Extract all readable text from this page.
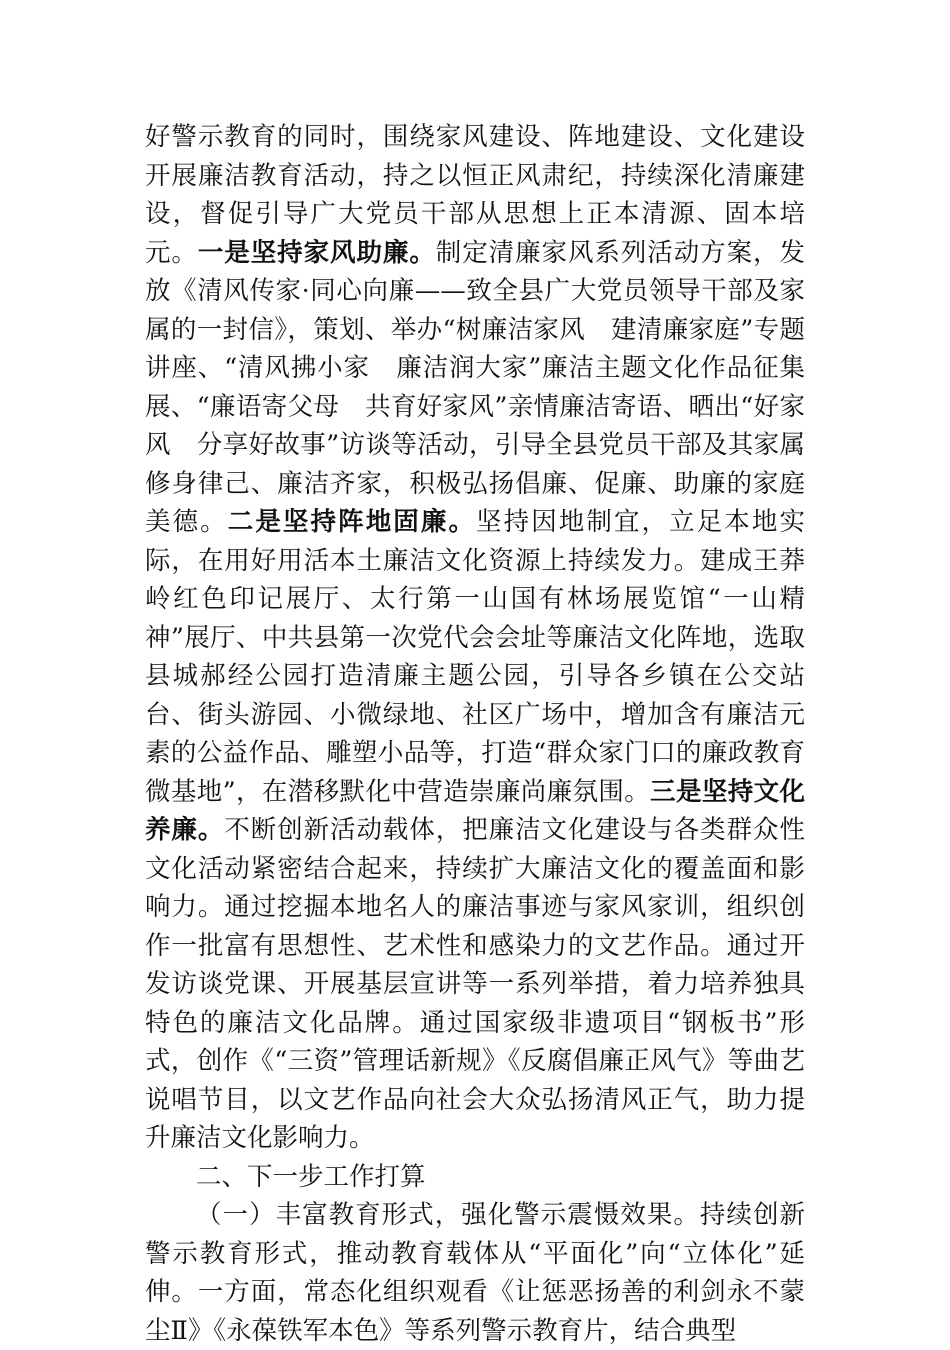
好警示教育的同时，围绕家风建设、阵地建设、文化建设开展廉洁教育活动，持之以恒正风肃纪，持续深化清廉建设，督促引导广大党员干部从思想上正本清源、固本培元。一是坚持家风助廉。制定清廉家风系列活动方案，发放《清风传家·同心向廉——致全县广大党员领导干部及家属的一封信》，策划、举办“树廉洁家风　建清廉家庭”专题讲座、“清风拂小家　廉洁润大家”廉洁主题文化作品征集展、“廉语寄父母　共育好家风”亲情廉洁寄语、晒出“好家风　分享好故事”访谈等活动，引导全县党员干部及其家属修身律己、廉洁齐家，积极弘扬倡廉、促廉、助廉的家庭美德。二是坚持阵地固廉。坚持因地制宜，立足本地实际，在用好用活本土廉洁文化资源上持续发力。建成王莽岭红色印记展厅、太行第一山国有林场展览馆“一山精神”展厅、中共县第一次党代会会址等廉洁文化阵地，选取县城郝经公园打造清廉主题公园，引导各乡镇在公交站台、街头游园、小微绿地、社区广场中，增加含有廉洁元素的公益作品、雕塑小品等，打造“群众家门口的廉政教育微基地”，在潜移默化中营造崇廉尚廉氛围。三是坚持文化养廉。不断创新活动载体，把廉洁文化建设与各类群众性文化活动紧密结合起来，持续扩大廉洁文化的覆盖面和影响力。通过挖掘本地名人的廉洁事迹与家风家训，组织创作一批富有思想性、艺术性和感染力的文艺作品。通过开发访谈党课、开展基层宣讲等一系列举措，着力培养独具特色的廉洁文化品牌。通过国家级非遗项目“钢板书”形式，创作《“三资”管理话新规》《反腐倡廉正风气》等曲艺说唱节目，以文艺作品向社会大众弘扬清风正气，助力提升廉洁文化影响力。

二、下一步工作打算

（一）丰富教育形式，强化警示震慑效果。持续创新警示教育形式，推动教育载体从“平面化”向“立体化”延伸。一方面，常态化组织观看《让惩恶扬善的利剑永不蒙尘Ⅱ》《永葆铁军本色》等系列警示教育片，结合典型
